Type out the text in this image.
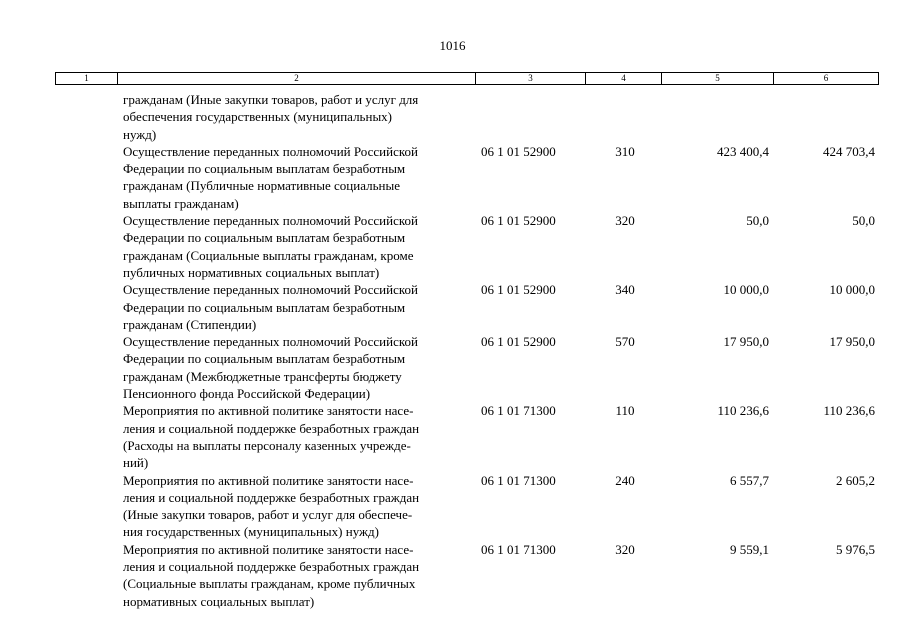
1016
1	2	3	4	5	6
гражданам (Иные закупки товаров, работ и услуг для
обеспечения государственных (муниципальных)
нужд)
Осуществление переданных полномочий Российской
Федерации по социальным выплатам безработным
гражданам (Публичные нормативные социальные
выплаты гражданам)
06 1 01 52900	310	423 400,4	424 703,4
Осуществление переданных полномочий Российской
Федерации по социальным выплатам безработным
гражданам (Социальные выплаты гражданам, кроме
публичных нормативных социальных выплат)
06 1 01 52900	320	50,0	50,0
Осуществление переданных полномочий Российской
Федерации по социальным выплатам безработным
гражданам (Стипендии)
06 1 01 52900	340	10 000,0	10 000,0
Осуществление переданных полномочий Российской
Федерации по социальным выплатам безработным
гражданам (Межбюджетные трансферты бюджету
Пенсионного фонда Российской Федерации)
06 1 01 52900	570	17 950,0	17 950,0
Мероприятия по активной политике занятости насе-
ления и социальной поддержке безработных граждан
(Расходы на выплаты персоналу казенных учрежде-
ний)
06 1 01 71300	110	110 236,6	110 236,6
Мероприятия по активной политике занятости насе-
ления и социальной поддержке безработных граждан
(Иные закупки товаров, работ и услуг для обеспече-
ния государственных (муниципальных) нужд)
06 1 01 71300	240	6 557,7	2 605,2
Мероприятия по активной политике занятости насе-
ления и социальной поддержке безработных граждан
(Социальные выплаты гражданам, кроме публичных
нормативных социальных выплат)
06 1 01 71300	320	9 559,1	5 976,5
